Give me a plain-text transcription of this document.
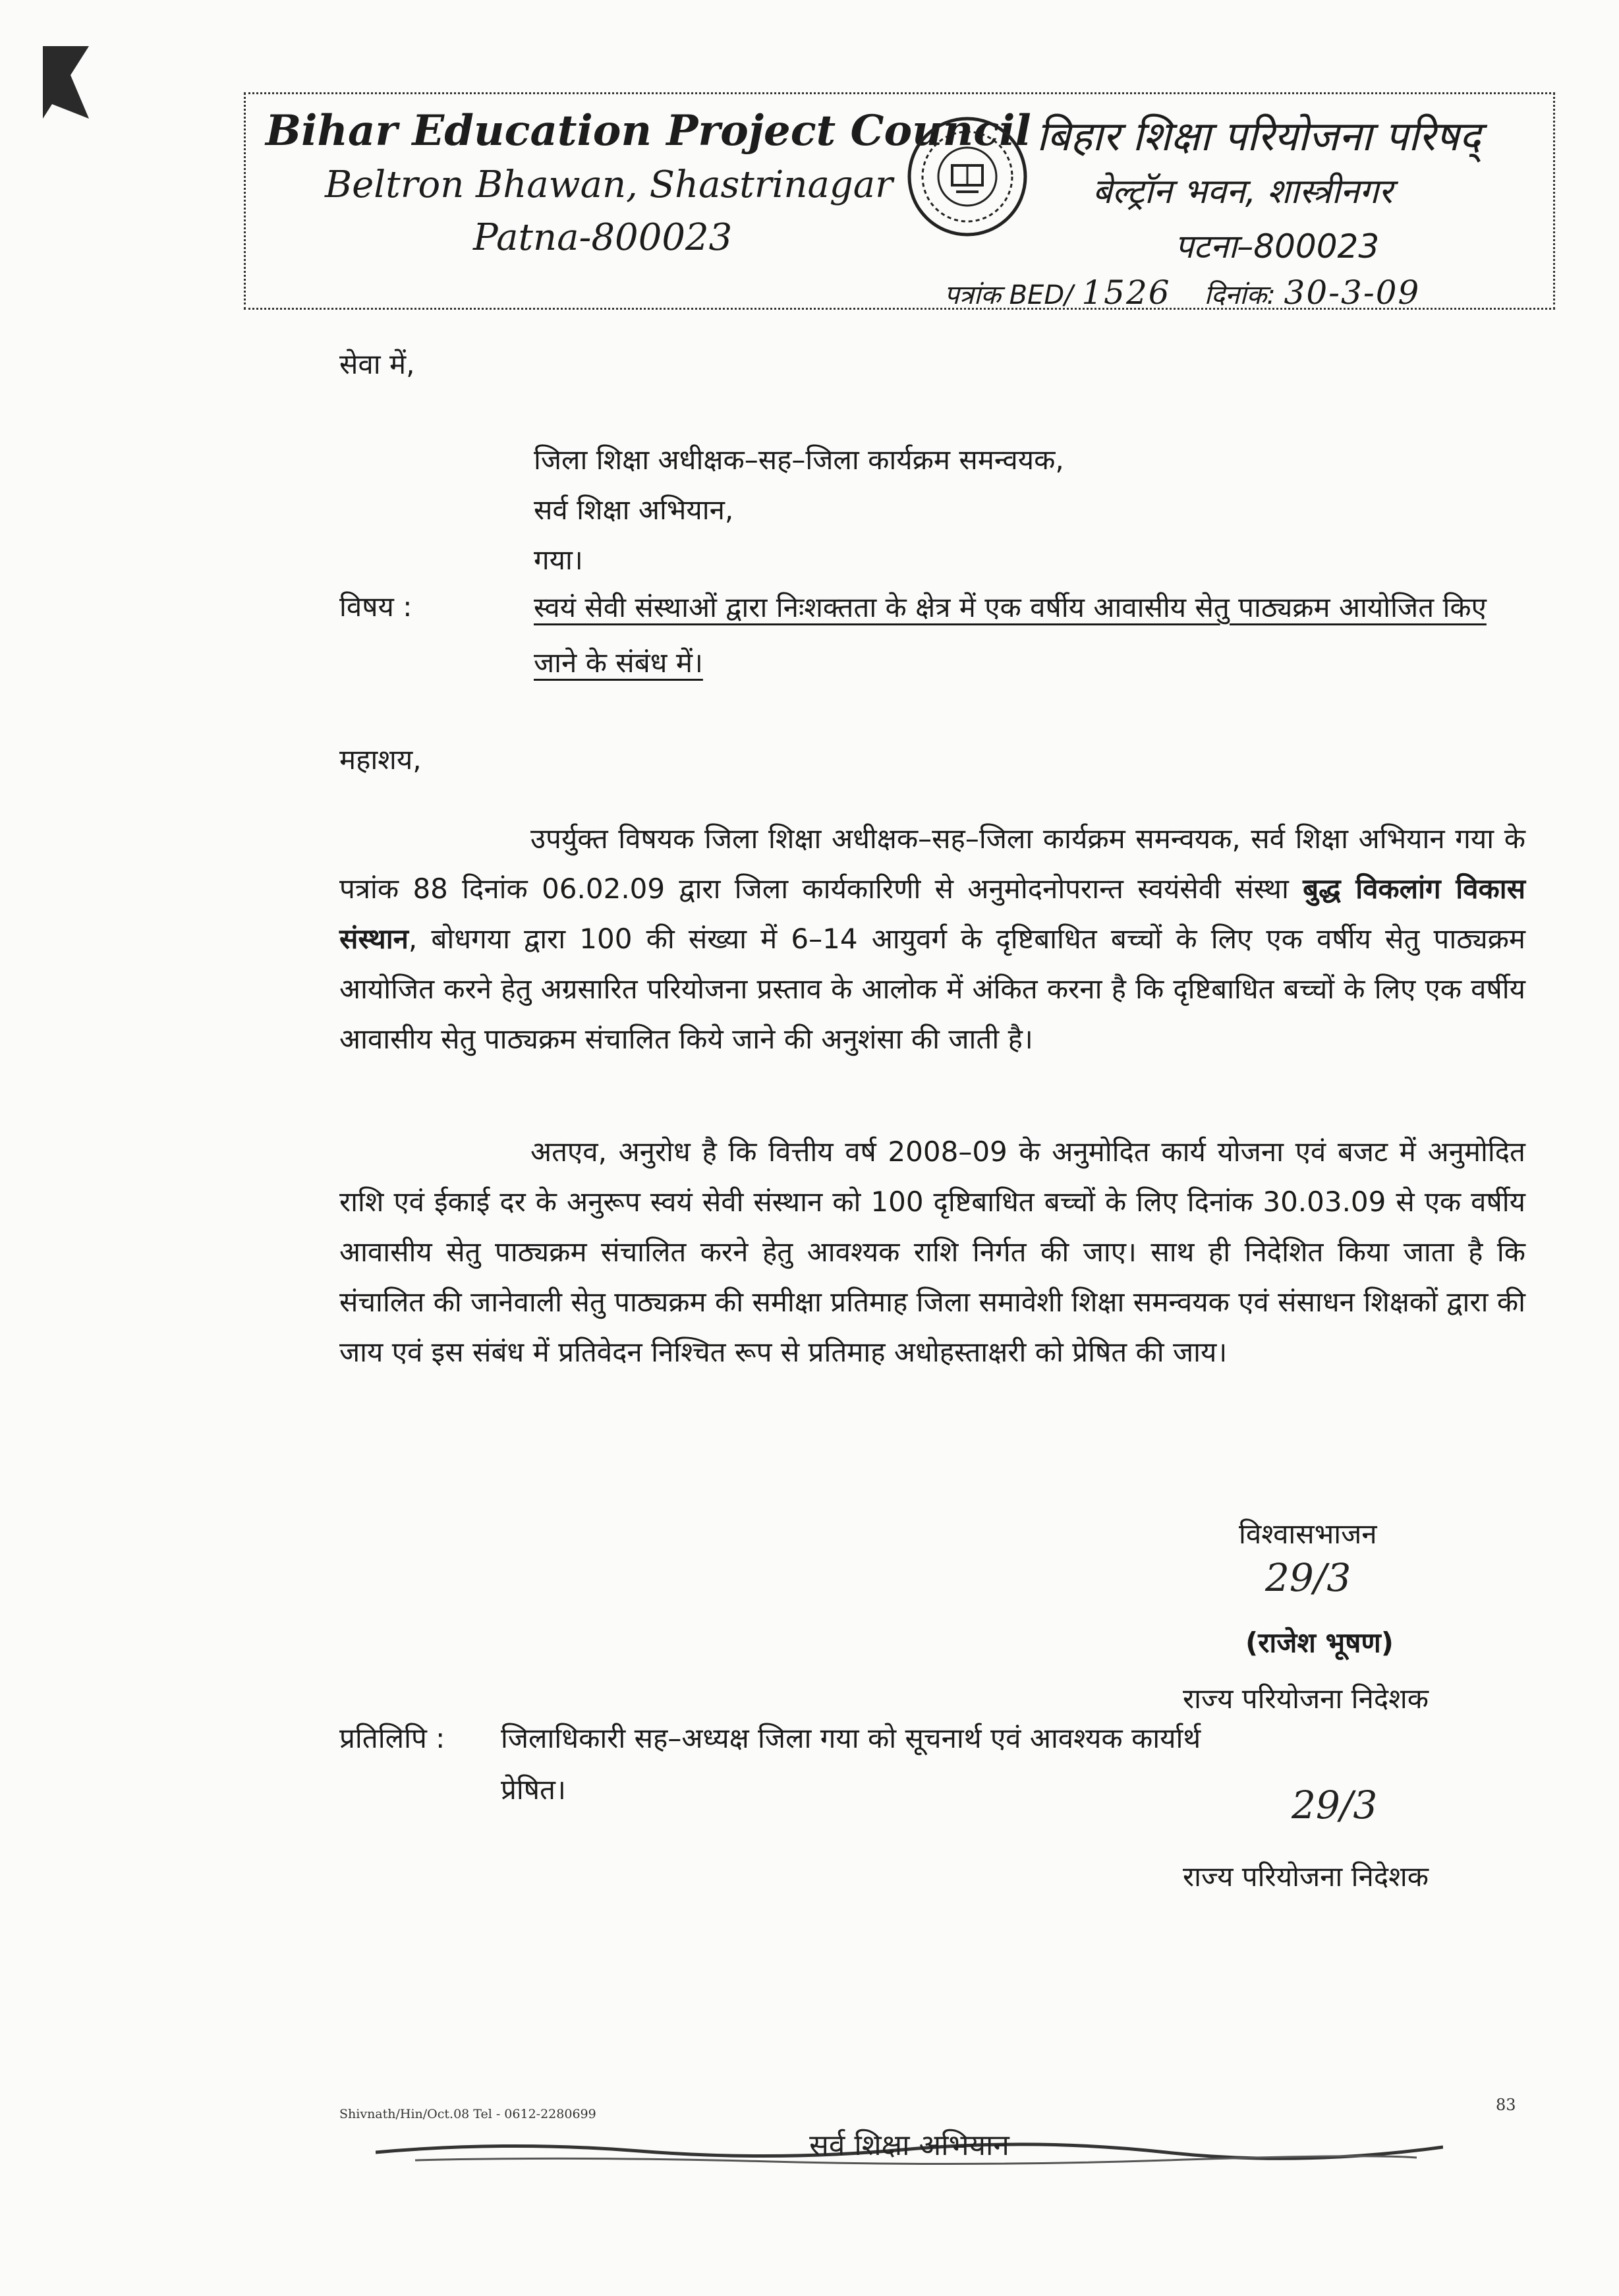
Bihar Education Project Council
Beltron Bhawan, Shastrinagar
Patna-800023
बिहार शिक्षा परियोजना परिषद्
बेल्ट्रॉन भवन, शास्त्रीनगर
पटना–800023
पत्रांक BED/ 1526 दिनांक: 30-3-09
सेवा में,
जिला शिक्षा अधीक्षक–सह–जिला कार्यक्रम समन्वयक,
सर्व शिक्षा अभियान,
गया।
विषय :	स्वयं सेवी संस्थाओं द्वारा निःशक्तता के क्षेत्र में एक वर्षीय आवासीय सेतु पाठ्यक्रम आयोजित किए जाने के संबंध में।
महाशय,
उपर्युक्त विषयक जिला शिक्षा अधीक्षक–सह–जिला कार्यक्रम समन्वयक, सर्व शिक्षा अभियान गया के पत्रांक 88 दिनांक 06.02.09 द्वारा जिला कार्यकारिणी से अनुमोदनोपरान्त स्वयंसेवी संस्था बुद्ध विकलांग विकास संस्थान, बोधगया द्वारा 100 की संख्या में 6–14 आयुवर्ग के दृष्टिबाधित बच्चों के लिए एक वर्षीय सेतु पाठ्यक्रम आयोजित करने हेतु अग्रसारित परियोजना प्रस्ताव के आलोक में अंकित करना है कि दृष्टिबाधित बच्चों के लिए एक वर्षीय आवासीय सेतु पाठ्यक्रम संचालित किये जाने की अनुशंसा की जाती है।
अतएव, अनुरोध है कि वित्तीय वर्ष 2008–09 के अनुमोदित कार्य योजना एवं बजट में अनुमोदित राशि एवं ईकाई दर के अनुरूप स्वयं सेवी संस्थान को 100 दृष्टिबाधित बच्चों के लिए दिनांक 30.03.09 से एक वर्षीय आवासीय सेतु पाठ्यक्रम संचालित करने हेतु आवश्यक राशि निर्गत की जाए। साथ ही निदेशित किया जाता है कि संचालित की जानेवाली सेतु पाठ्यक्रम की समीक्षा प्रतिमाह जिला समावेशी शिक्षा समन्वयक एवं संसाधन शिक्षकों द्वारा की जाय एवं इस संबंध में प्रतिवेदन निश्चित रूप से प्रतिमाह अधोहस्ताक्षरी को प्रेषित की जाय।
विश्वासभाजन
29/3
(राजेश भूषण)
राज्य परियोजना निदेशक
प्रतिलिपि : जिलाधिकारी सह–अध्यक्ष जिला गया को सूचनार्थ एवं आवश्यक कार्यार्थ
प्रेषित।	29/3
राज्य परियोजना निदेशक
Shivnath/Hin/Oct.08 Tel - 0612-2280699	83
सर्व शिक्षा अभियान
